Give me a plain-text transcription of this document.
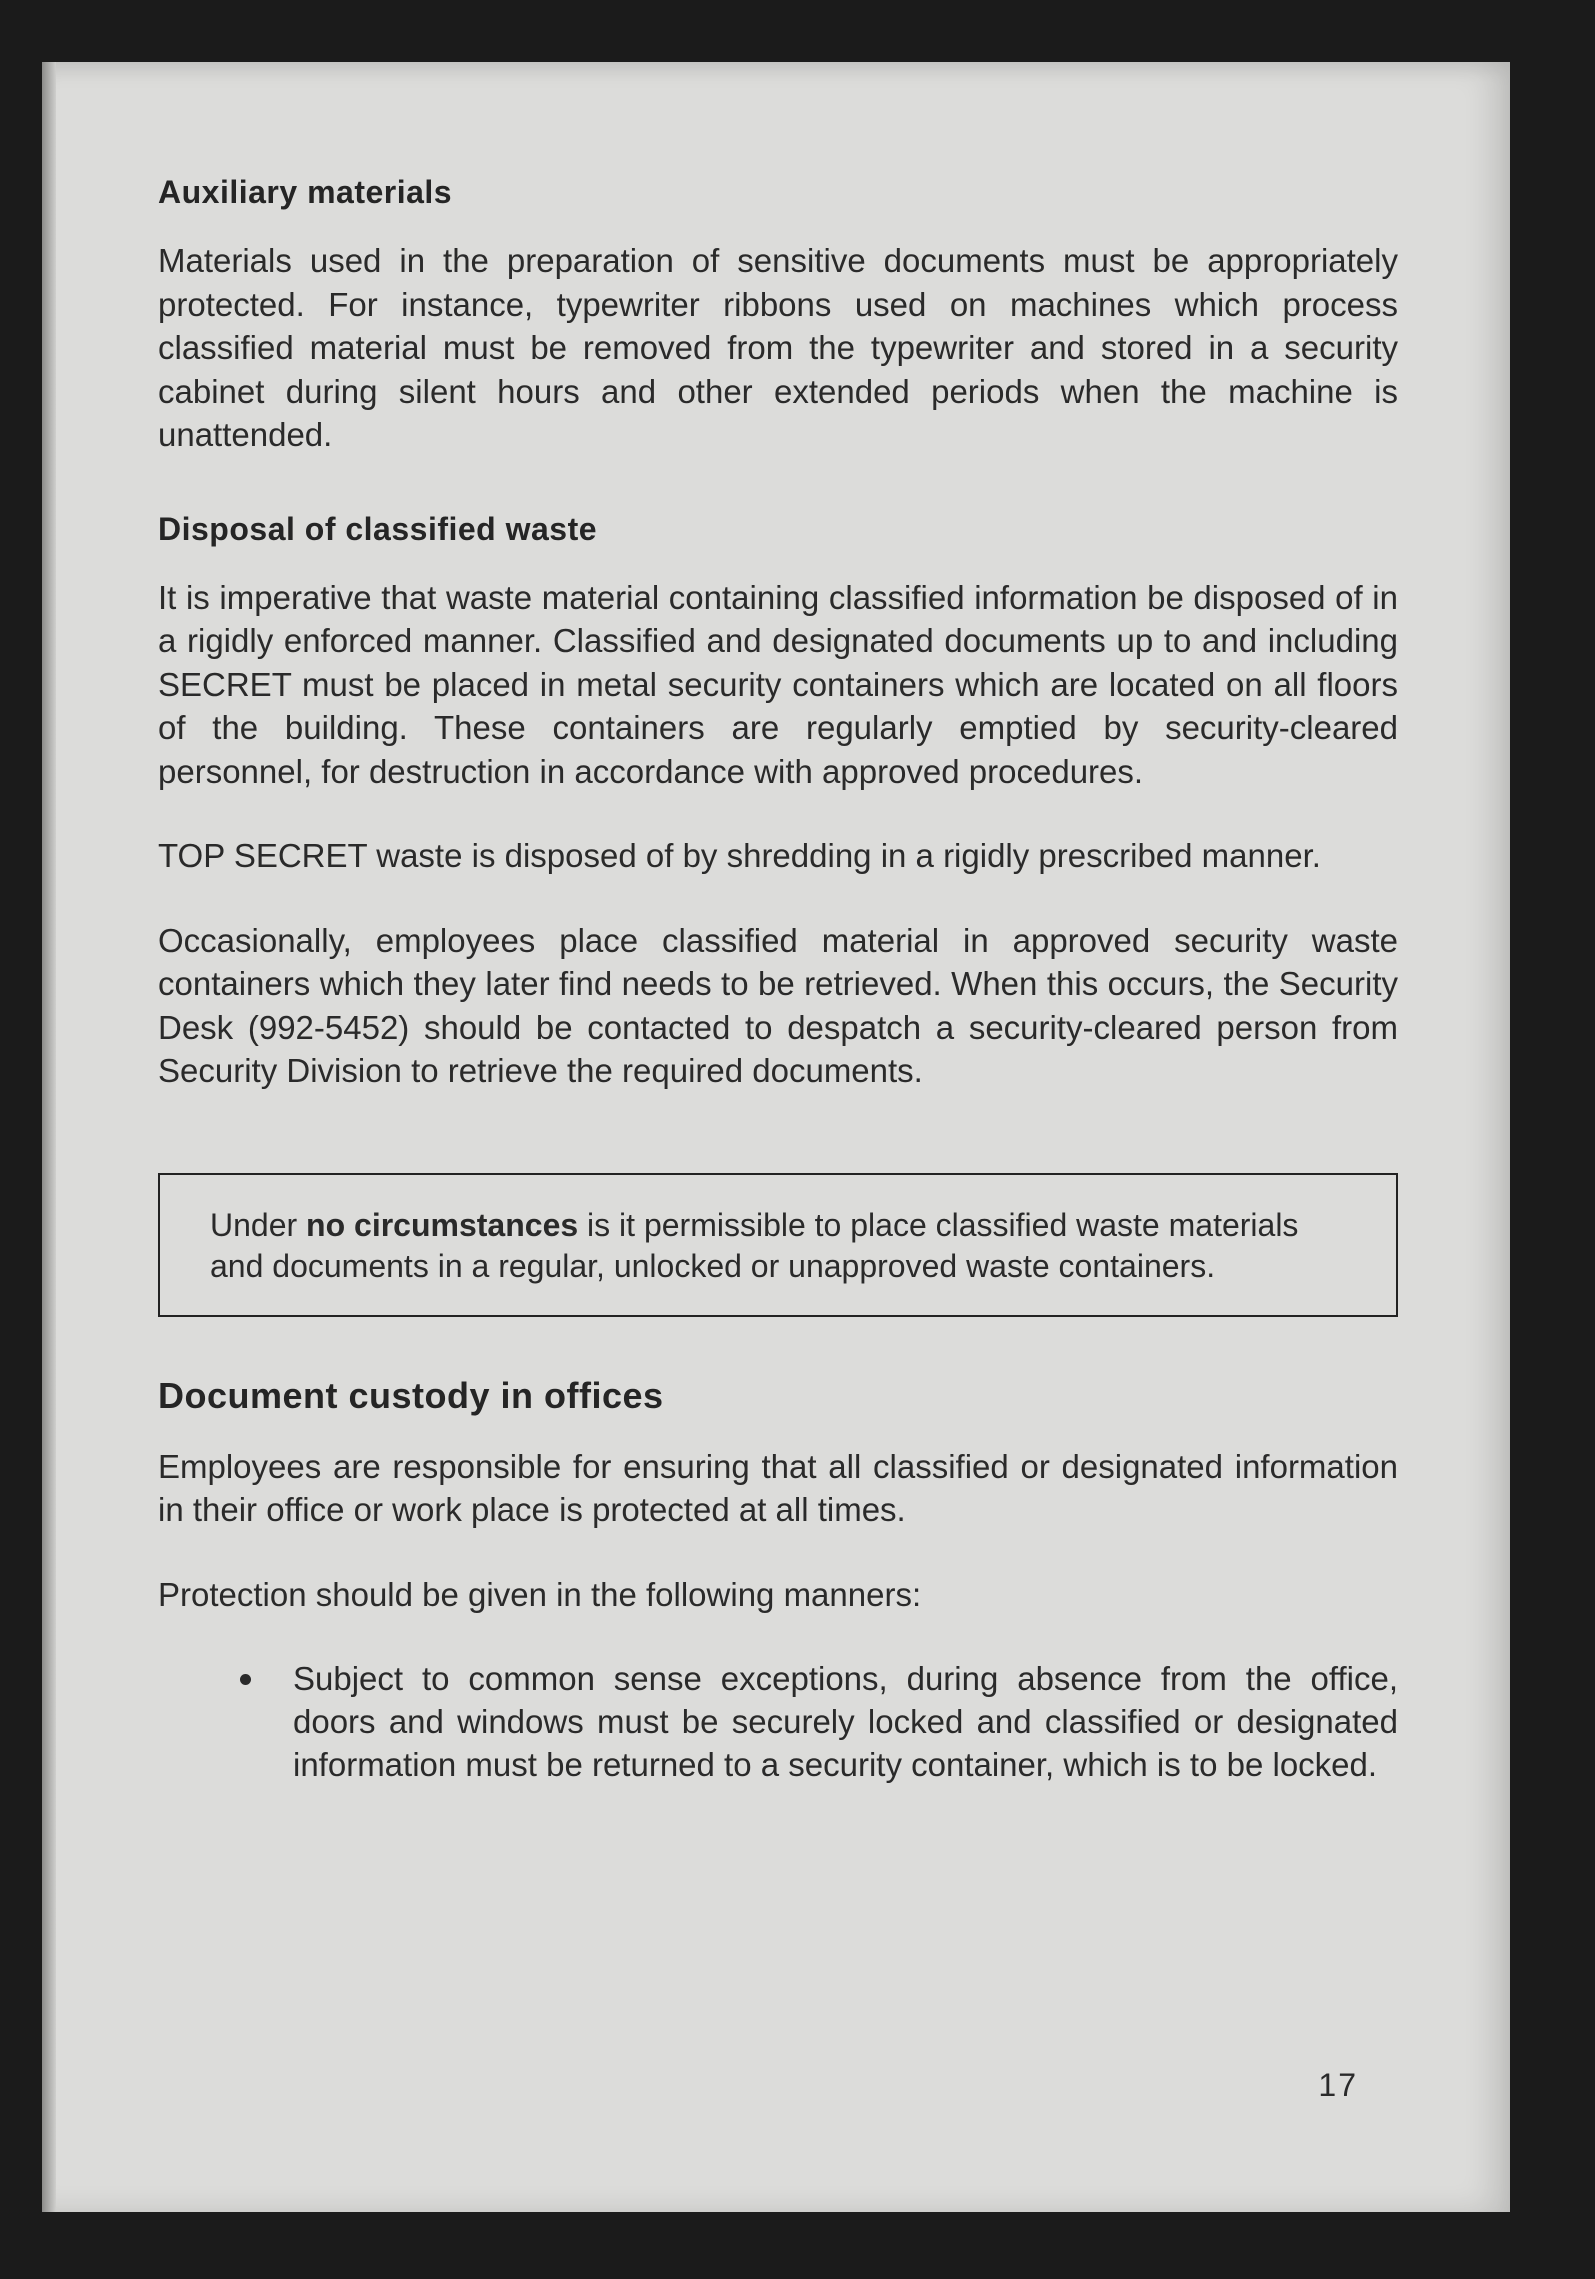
Auxiliary materials

Materials used in the preparation of sensitive documents must be appropriately protected. For instance, typewriter ribbons used on machines which process classified material must be removed from the typewriter and stored in a security cabinet during silent hours and other extended periods when the machine is unattended.

Disposal of classified waste

It is imperative that waste material containing classified information be disposed of in a rigidly enforced manner. Classified and designated documents up to and including SECRET must be placed in metal security containers which are located on all floors of the building. These containers are regularly emptied by security-cleared personnel, for destruction in accordance with approved procedures.

TOP SECRET waste is disposed of by shredding in a rigidly prescribed manner.

Occasionally, employees place classified material in approved security waste containers which they later find needs to be retrieved. When this occurs, the Security Desk (992-5452) should be contacted to despatch a security-cleared person from Security Division to retrieve the required documents.

Under no circumstances is it permissible to place classified waste materials and documents in a regular, unlocked or unapproved waste containers.

Document custody in offices

Employees are responsible for ensuring that all classified or designated information in their office or work place is protected at all times.

Protection should be given in the following manners:

Subject to common sense exceptions, during absence from the office, doors and windows must be securely locked and classified or designated information must be returned to a security container, which is to be locked.
17
